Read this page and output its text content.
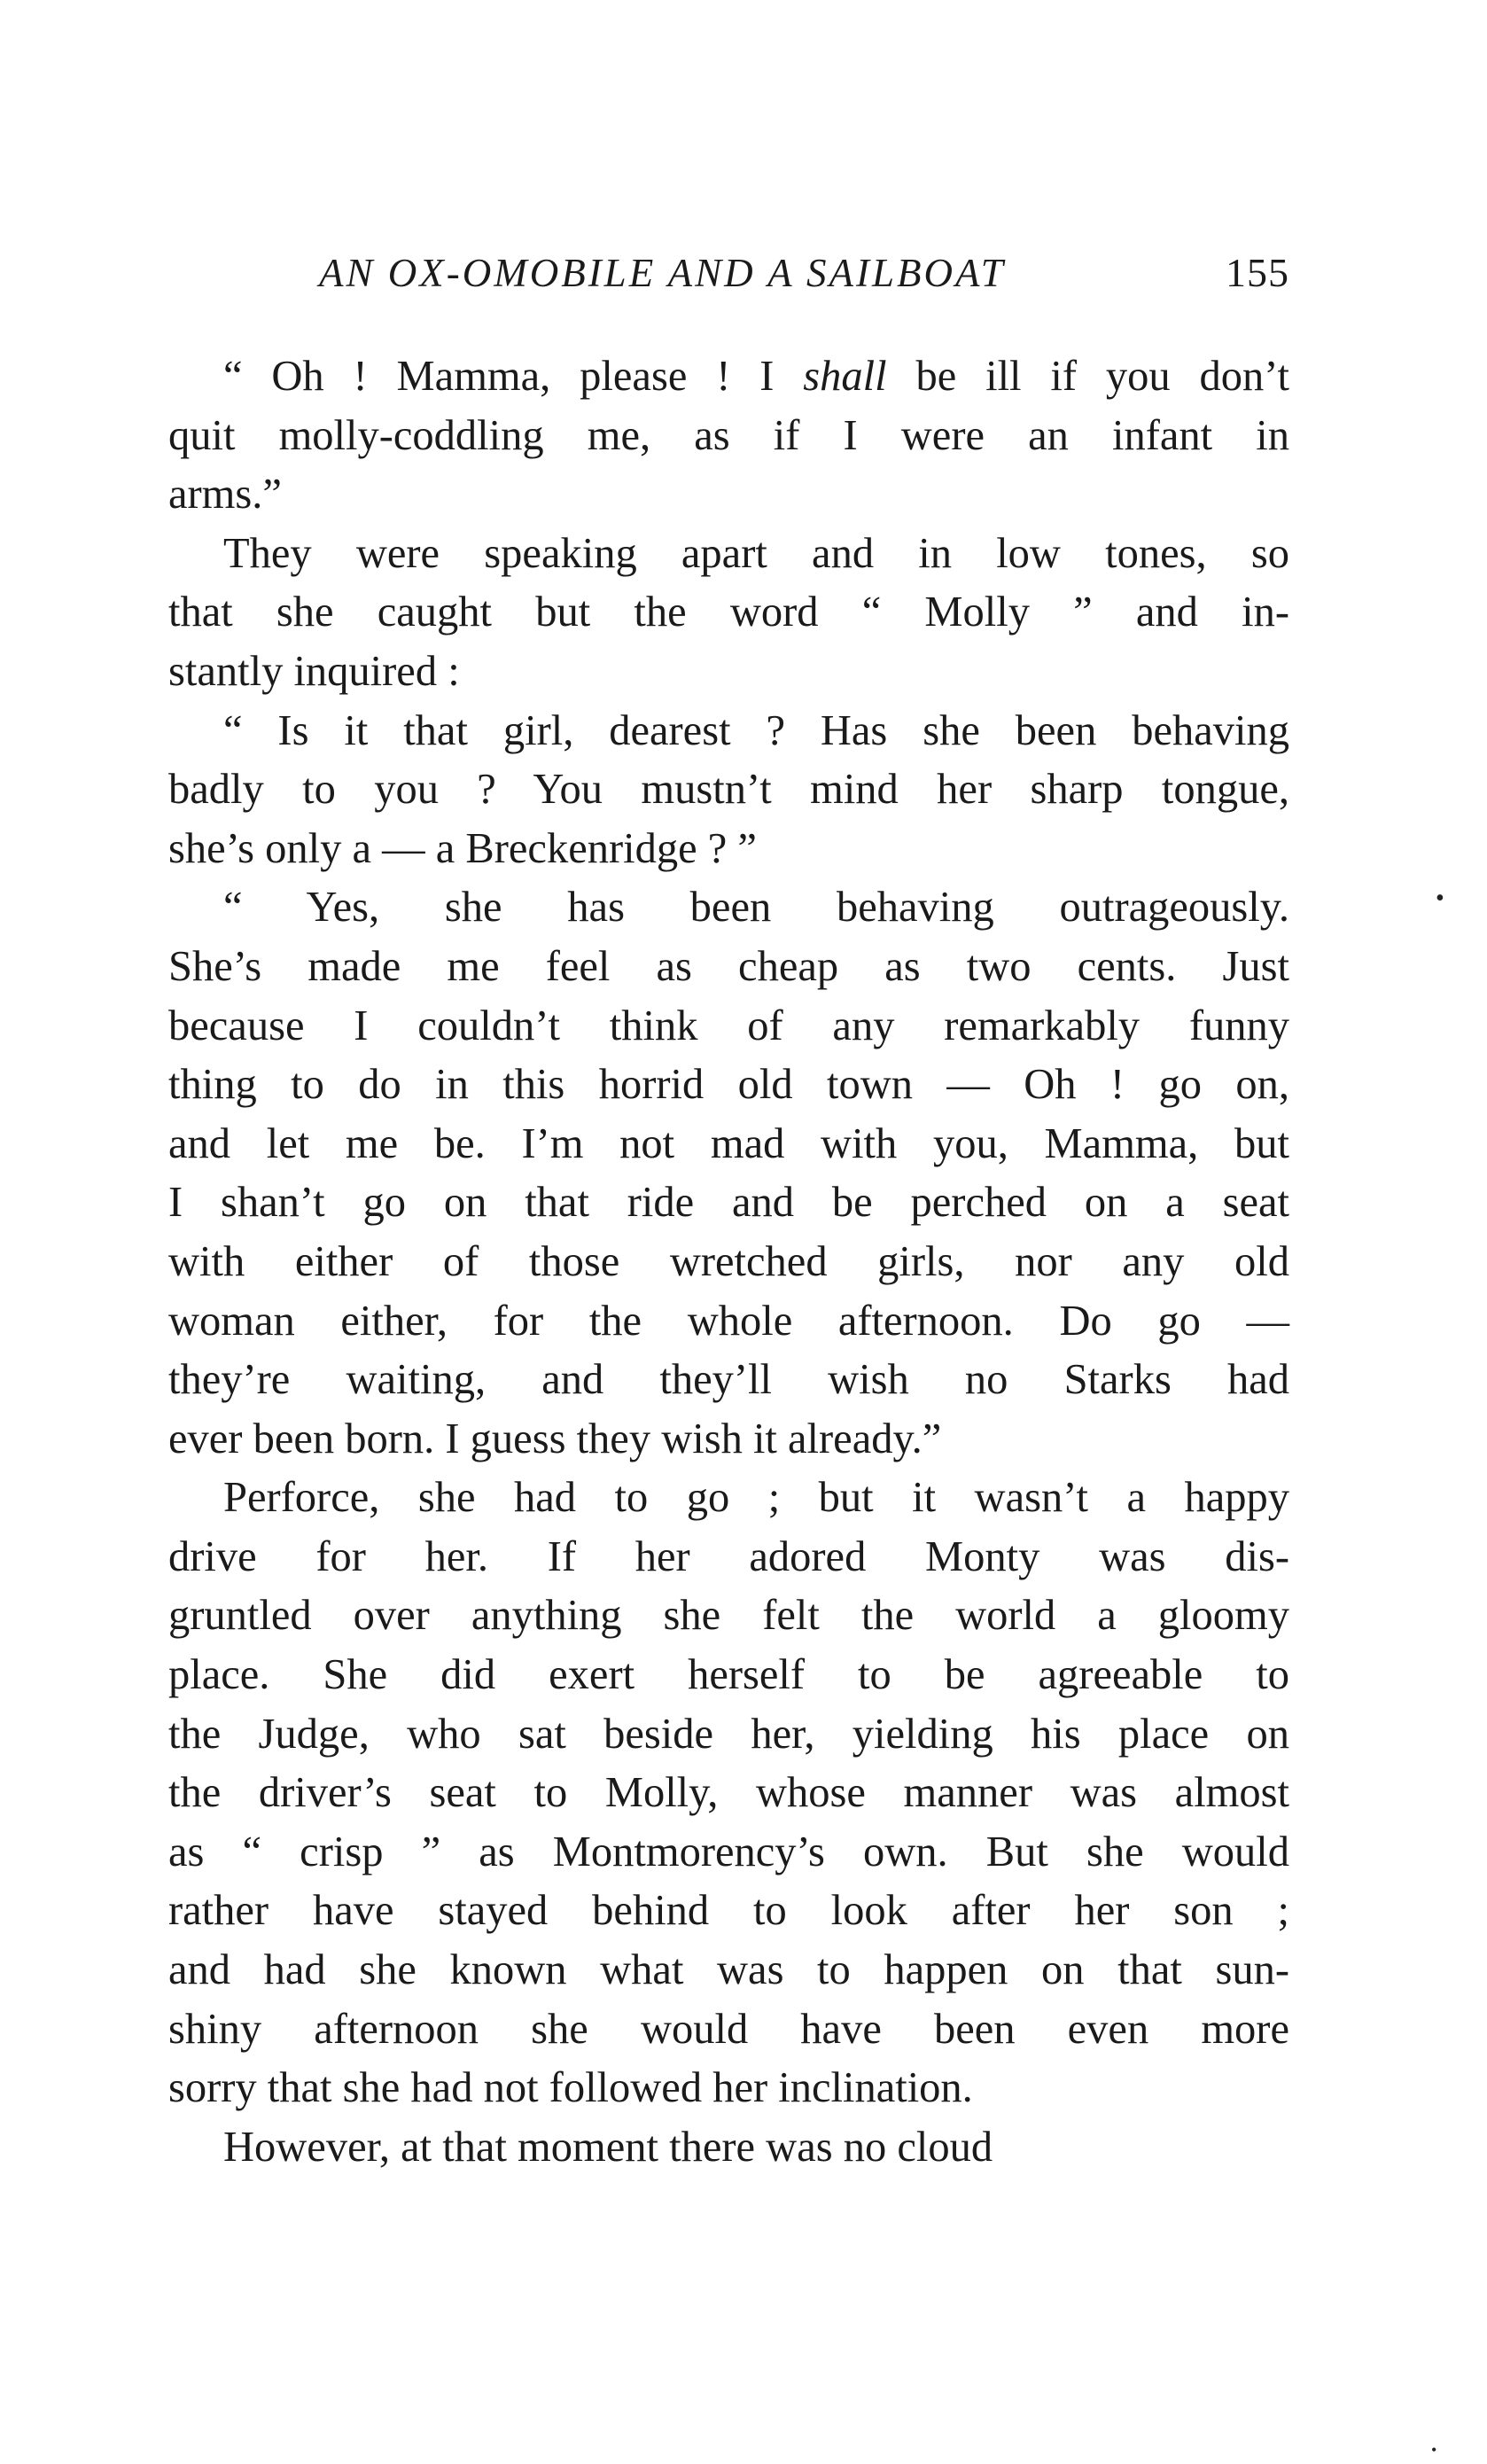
AN OX-OMOBILE AND A SAILBOAT	155
“ Oh ! Mamma, please ! I shall be ill if you don’t
quit molly-coddling me, as if I were an infant in
arms.”
They were speaking apart and in low tones, so
that she caught but the word “ Molly ” and in-
stantly inquired :
“ Is it that girl, dearest ? Has she been behaving
badly to you ? You mustn’t mind her sharp tongue,
she’s only a — a Breckenridge ? ”
“ Yes, she has been behaving outrageously.
She’s made me feel as cheap as two cents. Just
because I couldn’t think of any remarkably funny
thing to do in this horrid old town — Oh ! go on,
and let me be. I’m not mad with you, Mamma, but
I shan’t go on that ride and be perched on a seat
with either of those wretched girls, nor any old
woman either, for the whole afternoon. Do go —
they’re waiting, and they’ll wish no Starks had
ever been born. I guess they wish it already.”
Perforce, she had to go ; but it wasn’t a happy
drive for her. If her adored Monty was dis-
gruntled over anything she felt the world a gloomy
place. She did exert herself to be agreeable to
the Judge, who sat beside her, yielding his place on
the driver’s seat to Molly, whose manner was almost
as “ crisp ” as Montmorency’s own. But she would
rather have stayed behind to look after her son ;
and had she known what was to happen on that sun-
shiny afternoon she would have been even more
sorry that she had not followed her inclination.
However, at that moment there was no cloud
•
•
